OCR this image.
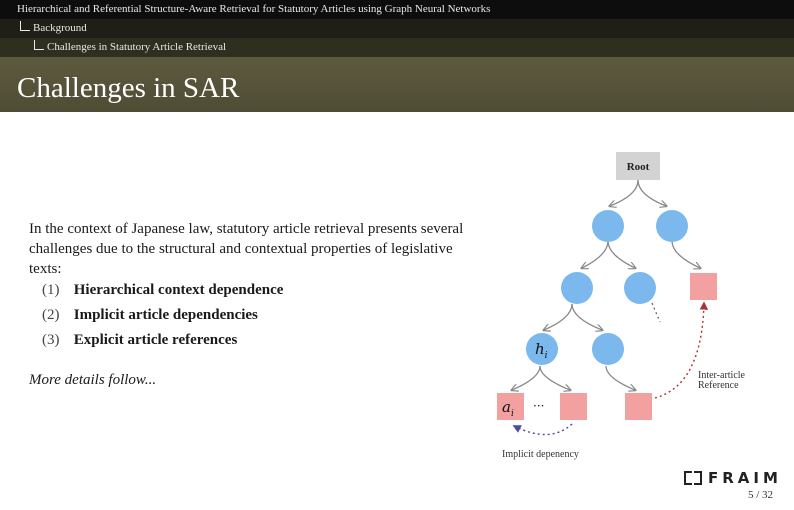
Hierarchical and Referential Structure-Aware Retrieval for Statutory Articles using Graph Neural Networks
Background
Challenges in Statutory Article Retrieval
Challenges in SAR
In the context of Japanese law, statutory article retrieval presents several challenges due to the structural and contextual properties of legislative texts:
(1) Hierarchical context dependence
(2) Implicit article dependencies
(3) Explicit article references
More details follow...
Root
$h_i$
$a_i$
···
Inter-article
Reference
Implicit depenency
FRAIM
5 / 32
